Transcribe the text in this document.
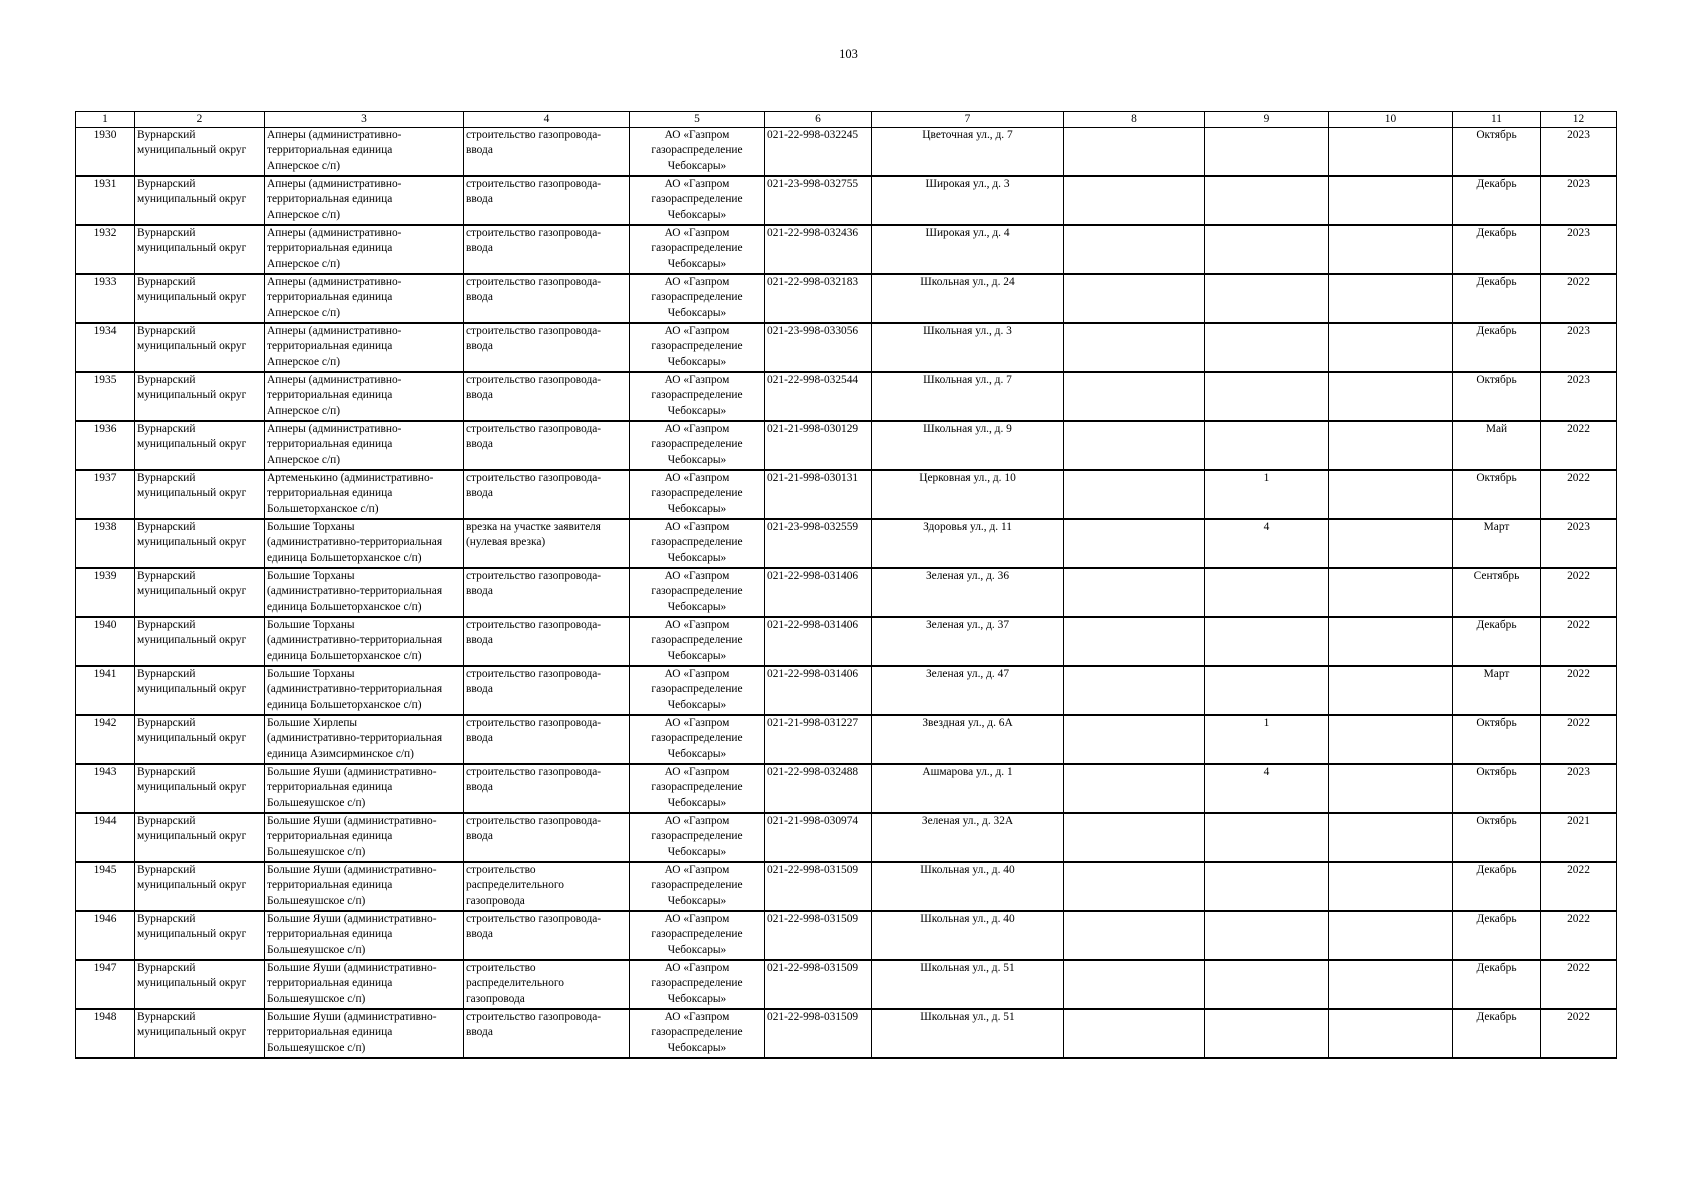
103
1	2	3	4	5	6	7	8	9	10	11	12
1930	Вурнарский
муниципальный округ	Апнеры (административно-
территориальная единица
Апнерское с/п)	строительство газопровода-
ввода	АО «Газпром
газораспределение
Чебоксары»	021-22-998-032245	Цветочная ул., д. 7				Октябрь	2023
1931	Вурнарский
муниципальный округ	Апнеры (административно-
территориальная единица
Апнерское с/п)	строительство газопровода-
ввода	АО «Газпром
газораспределение
Чебоксары»	021-23-998-032755	Широкая ул., д. 3				Декабрь	2023
1932	Вурнарский
муниципальный округ	Апнеры (административно-
территориальная единица
Апнерское с/п)	строительство газопровода-
ввода	АО «Газпром
газораспределение
Чебоксары»	021-22-998-032436	Широкая ул., д. 4				Декабрь	2023
1933	Вурнарский
муниципальный округ	Апнеры (административно-
территориальная единица
Апнерское с/п)	строительство газопровода-
ввода	АО «Газпром
газораспределение
Чебоксары»	021-22-998-032183	Школьная ул., д. 24				Декабрь	2022
1934	Вурнарский
муниципальный округ	Апнеры (административно-
территориальная единица
Апнерское с/п)	строительство газопровода-
ввода	АО «Газпром
газораспределение
Чебоксары»	021-23-998-033056	Школьная ул., д. 3				Декабрь	2023
1935	Вурнарский
муниципальный округ	Апнеры (административно-
территориальная единица
Апнерское с/п)	строительство газопровода-
ввода	АО «Газпром
газораспределение
Чебоксары»	021-22-998-032544	Школьная ул., д. 7				Октябрь	2023
1936	Вурнарский
муниципальный округ	Апнеры (административно-
территориальная единица
Апнерское с/п)	строительство газопровода-
ввода	АО «Газпром
газораспределение
Чебоксары»	021-21-998-030129	Школьная ул., д. 9				Май	2022
1937	Вурнарский
муниципальный округ	Артеменькино (административно-
территориальная единица
Большеторханское с/п)	строительство газопровода-
ввода	АО «Газпром
газораспределение
Чебоксары»	021-21-998-030131	Церковная ул., д. 10		1		Октябрь	2022
1938	Вурнарский
муниципальный округ	Большие Торханы
(административно-территориальная
единица Большеторханское с/п)	врезка на участке заявителя
(нулевая врезка)	АО «Газпром
газораспределение
Чебоксары»	021-23-998-032559	Здоровья ул., д. 11		4		Март	2023
1939	Вурнарский
муниципальный округ	Большие Торханы
(административно-территориальная
единица Большеторханское с/п)	строительство газопровода-
ввода	АО «Газпром
газораспределение
Чебоксары»	021-22-998-031406	Зеленая ул., д. 36				Сентябрь	2022
1940	Вурнарский
муниципальный округ	Большие Торханы
(административно-территориальная
единица Большеторханское с/п)	строительство газопровода-
ввода	АО «Газпром
газораспределение
Чебоксары»	021-22-998-031406	Зеленая ул., д. 37				Декабрь	2022
1941	Вурнарский
муниципальный округ	Большие Торханы
(административно-территориальная
единица Большеторханское с/п)	строительство газопровода-
ввода	АО «Газпром
газораспределение
Чебоксары»	021-22-998-031406	Зеленая ул., д. 47				Март	2022
1942	Вурнарский
муниципальный округ	Большие Хирлепы
(административно-территориальная
единица Азимсирминское с/п)	строительство газопровода-
ввода	АО «Газпром
газораспределение
Чебоксары»	021-21-998-031227	Звездная ул., д. 6А		1		Октябрь	2022
1943	Вурнарский
муниципальный округ	Большие Яуши (административно-
территориальная единица
Большеяушское с/п)	строительство газопровода-
ввода	АО «Газпром
газораспределение
Чебоксары»	021-22-998-032488	Ашмарова ул., д. 1		4		Октябрь	2023
1944	Вурнарский
муниципальный округ	Большие Яуши (административно-
территориальная единица
Большеяушское с/п)	строительство газопровода-
ввода	АО «Газпром
газораспределение
Чебоксары»	021-21-998-030974	Зеленая ул., д. 32А				Октябрь	2021
1945	Вурнарский
муниципальный округ	Большие Яуши (административно-
территориальная единица
Большеяушское с/п)	строительство
распределительного
газопровода	АО «Газпром
газораспределение
Чебоксары»	021-22-998-031509	Школьная ул., д. 40				Декабрь	2022
1946	Вурнарский
муниципальный округ	Большие Яуши (административно-
территориальная единица
Большеяушское с/п)	строительство газопровода-
ввода	АО «Газпром
газораспределение
Чебоксары»	021-22-998-031509	Школьная ул., д. 40				Декабрь	2022
1947	Вурнарский
муниципальный округ	Большие Яуши (административно-
территориальная единица
Большеяушское с/п)	строительство
распределительного
газопровода	АО «Газпром
газораспределение
Чебоксары»	021-22-998-031509	Школьная ул., д. 51				Декабрь	2022
1948	Вурнарский
муниципальный округ	Большие Яуши (административно-
территориальная единица
Большеяушское с/п)	строительство газопровода-
ввода	АО «Газпром
газораспределение
Чебоксары»	021-22-998-031509	Школьная ул., д. 51				Декабрь	2022
